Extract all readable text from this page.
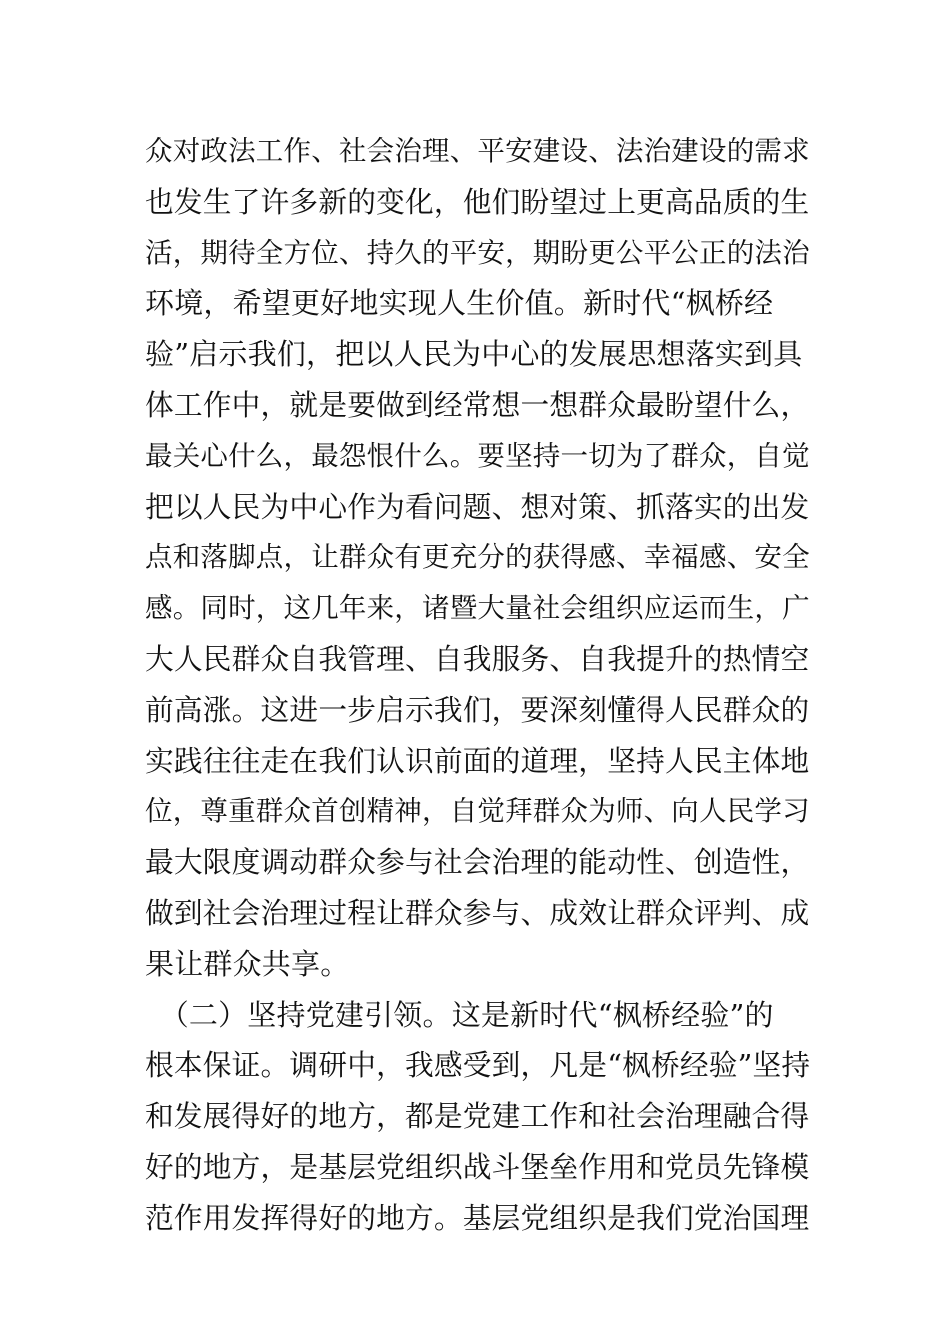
众对政法工作、社会治理、平安建设、法治建设的需求
也发生了许多新的变化，他们盼望过上更高品质的生
活，期待全方位、持久的平安，期盼更公平公正的法治
环境，希望更好地实现人生价值。新时代“枫桥经
验”启示我们，把以人民为中心的发展思想落实到具
体工作中，就是要做到经常想一想群众最盼望什么，
最关心什么，最怨恨什么。要坚持一切为了群众，自觉
把以人民为中心作为看问题、想对策、抓落实的出发
点和落脚点，让群众有更充分的获得感、幸福感、安全
感。同时，这几年来，诸暨大量社会组织应运而生，广
大人民群众自我管理、自我服务、自我提升的热情空
前高涨。这进一步启示我们，要深刻懂得人民群众的
实践往往走在我们认识前面的道理，坚持人民主体地
位，尊重群众首创精神，自觉拜群众为师、向人民学习
最大限度调动群众参与社会治理的能动性、创造性，
做到社会治理过程让群众参与、成效让群众评判、成
果让群众共享。
　（二）坚持党建引领。这是新时代“枫桥经验”的
根本保证。调研中，我感受到，凡是“枫桥经验”坚持
和发展得好的地方，都是党建工作和社会治理融合得
好的地方，是基层党组织战斗堡垒作用和党员先锋模
范作用发挥得好的地方。基层党组织是我们党治国理
